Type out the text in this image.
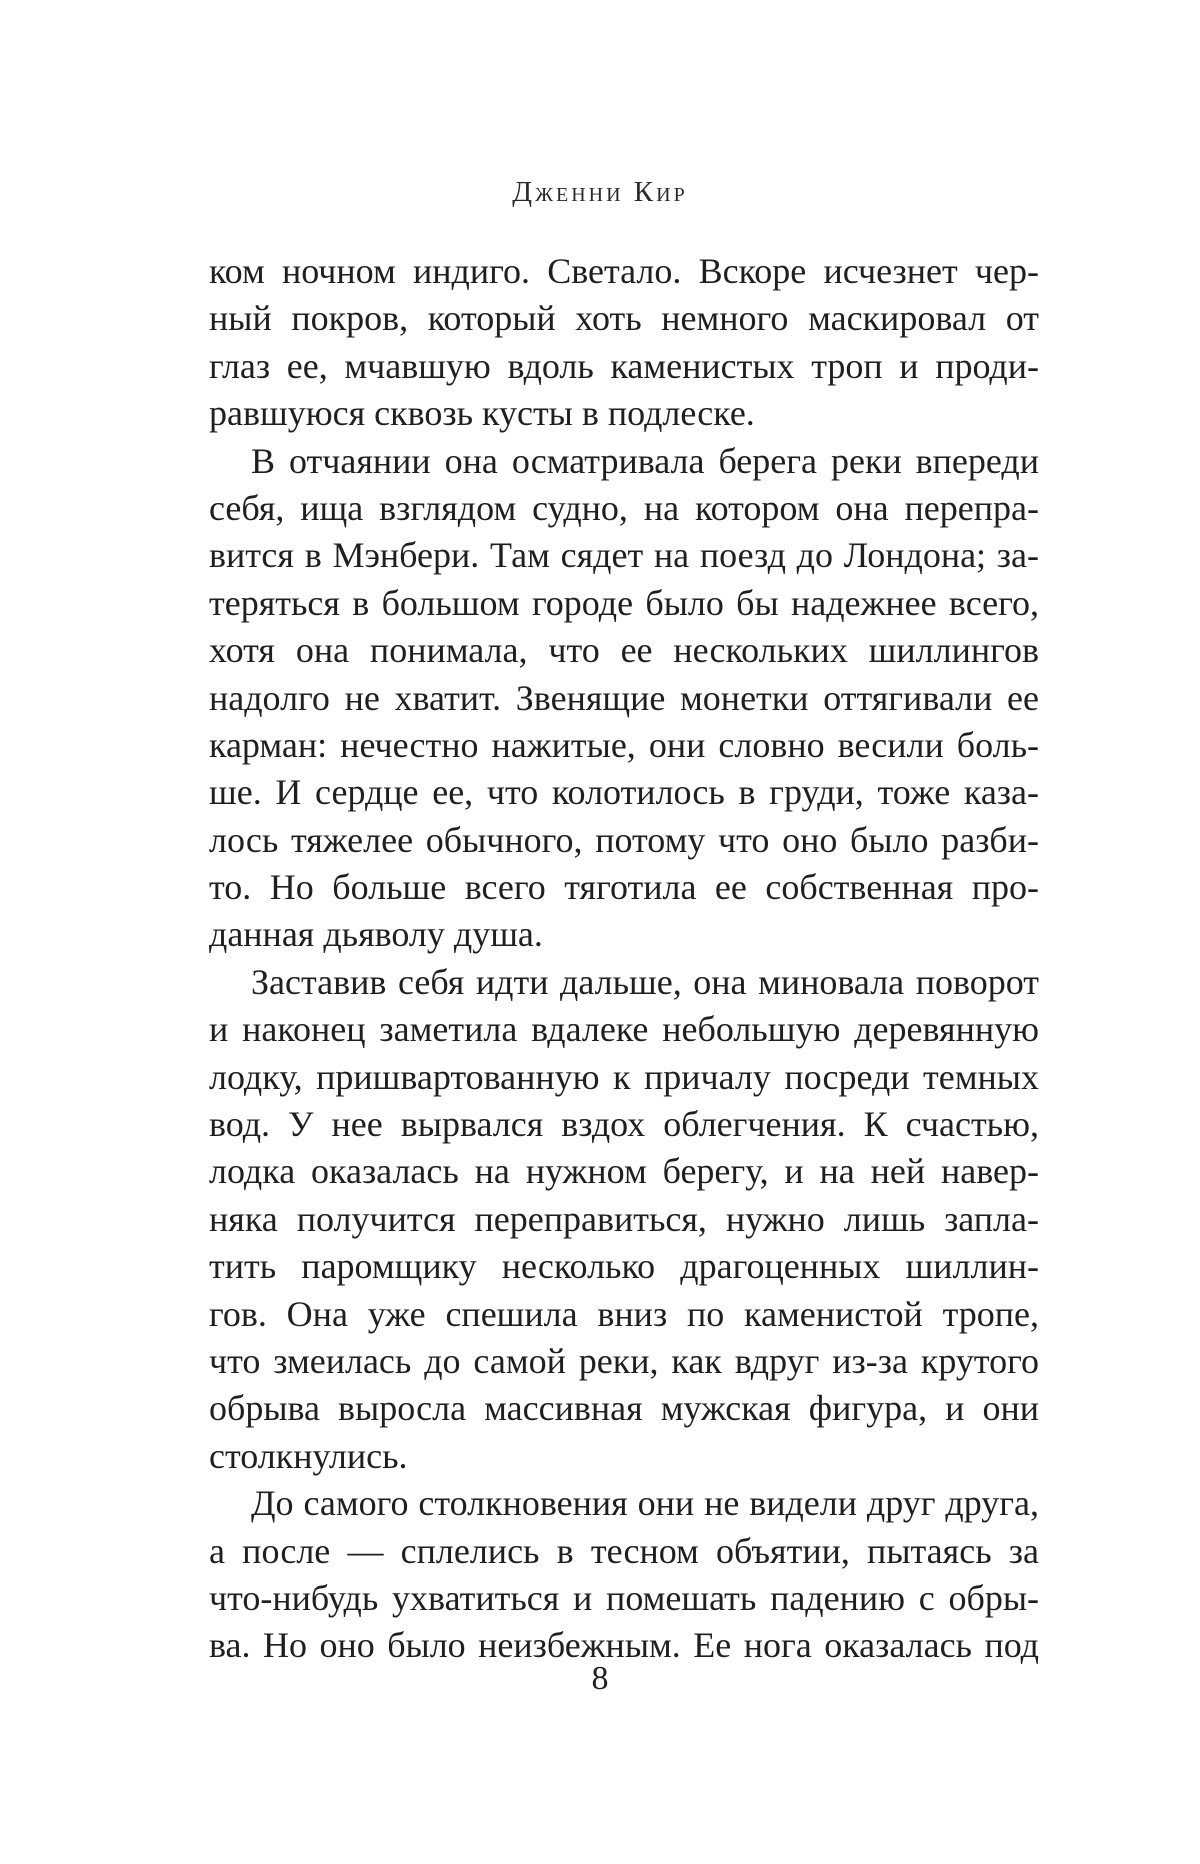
Дженни Кир
ком ночном индиго. Светало. Вскоре исчезнет чер-
ный покров, который хоть немного маскировал от
глаз ее, мчавшую вдоль каменистых троп и проди-
равшуюся сквозь кусты в подлеске.
В отчаянии она осматривала берега реки впереди
себя, ища взглядом судно, на котором она перепра-
вится в Мэнбери. Там сядет на поезд до Лондона; за-
теряться в большом городе было бы надежнее всего,
хотя она понимала, что ее нескольких шиллингов
надолго не хватит. Звенящие монетки оттягивали ее
карман: нечестно нажитые, они словно весили боль-
ше. И сердце ее, что колотилось в груди, тоже каза-
лось тяжелее обычного, потому что оно было разби-
то. Но больше всего тяготила ее собственная про-
данная дьяволу душа.
Заставив себя идти дальше, она миновала поворот
и наконец заметила вдалеке небольшую деревянную
лодку, пришвартованную к причалу посреди темных
вод. У нее вырвался вздох облегчения. К счастью,
лодка оказалась на нужном берегу, и на ней навер-
няка получится переправиться, нужно лишь запла-
тить паромщику несколько драгоценных шиллин-
гов. Она уже спешила вниз по каменистой тропе,
что змеилась до самой реки, как вдруг из-за крутого
обрыва выросла массивная мужская фигура, и они
столкнулись.
До самого столкновения они не видели друг друга,
а после — сплелись в тесном объятии, пытаясь за
что-нибудь ухватиться и помешать падению с обры-
ва. Но оно было неизбежным. Ее нога оказалась под
8
